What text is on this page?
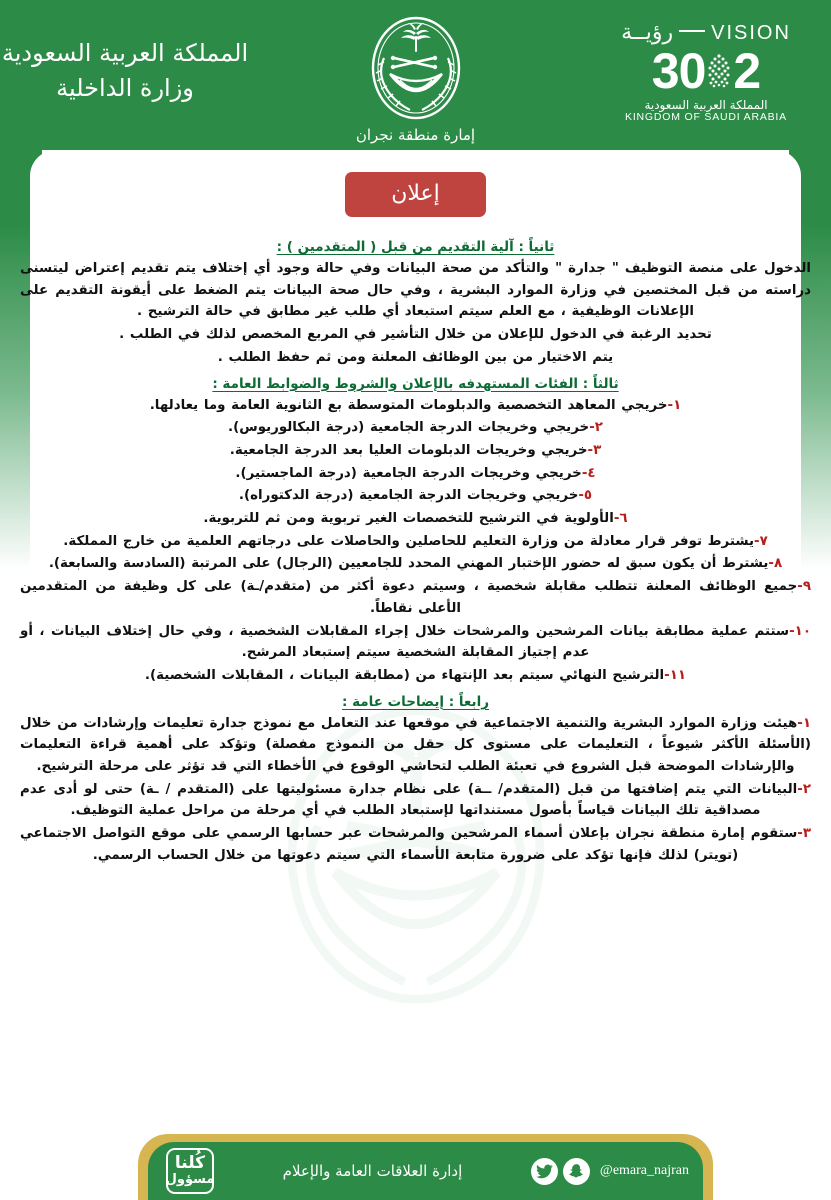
VISION
رؤيــة
2
30
المملكة العربية السعودية
KINGDOM OF SAUDI ARABIA
إمارة منطقة نجران
المملكة العربية السعودية
وزارة الداخلية
إعلان
ثانياً : آلية التقديم من قبل ( المتقدمين ) :

الدخول على منصة التوظيف " جدارة " والتأكد من صحة البيانات وفي حالة وجود أي إختلاف يتم تقديم إعتراض ليتسنى دراسته من قبل المختصين في وزارة الموارد البشرية ، وفي حال صحة البيانات يتم الضغط على أيقونة التقديم على الإعلانات الوظيفية ، مع العلم سيتم استبعاد أي طلب غير مطابق في حالة الترشيح .

تحديد الرغبة في الدخول للإعلان من خلال التأشير في المربع المخصص لذلك في الطلب .

يتم الاختيار من بين الوظائف المعلنة ومن ثم حفظ الطلب .

ثالثاً : الفئات المستهدفه بالإعلان والشروط والضوابط العامة :
١-خريجي المعاهد التخصصية والدبلومات المتوسطة بع الثانوية العامة وما يعادلها.
٢-خريجي وخريجات الدرجة الجامعية (درجة البكالوريوس).
٣-خريجي وخريجات الدبلومات العليا بعد الدرجة الجامعية.
٤-خريجي وخريجات الدرجة الجامعية (درجة الماجستير).
٥-خريجي وخريجات الدرجة الجامعية (درجة الدكتوراه).
٦-الأولوية في الترشيح للتخصصات الغير تربوية ومن ثم للتربوية.
٧-يشترط توفر قرار معادلة من وزارة التعليم للحاصلين والحاصلات على درجاتهم العلمية من خارج المملكة.
٨-يشترط أن يكون سبق له حضور الإختبار المهني المحدد للجامعيين (الرجال) على المرتبة (السادسة والسابعة).
٩-جميع الوظائف المعلنة تتطلب مقابلة شخصية ، وسيتم دعوة أكثر من (متقدم/ـة) على كل وظيفة من المتقدمين الأعلى نقاطاً.
١٠-ستتم عملية مطابقة بيانات المرشحين والمرشحات خلال إجراء المقابلات الشخصية ، وفي حال إختلاف البيانات ، أو عدم إجتياز المقابلة الشخصية سيتم إستبعاد المرشح.
١١-الترشيح النهائي سيتم بعد الإنتهاء من (مطابقة البيانات ، المقابلات الشخصية).
رابعاً : إيضاحات عامة :
١-هيئت وزارة الموارد البشرية والتنمية الاجتماعية في موقعها عند التعامل مع نموذج جدارة تعليمات وإرشادات من خلال (الأسئلة الأكثر شيوعاً ، التعليمات على مستوى كل حقل من النموذج مفصلة) وتؤكد على أهمية قراءة التعليمات والإرشادات الموضحة قبل الشروع في تعبئة الطلب لتحاشي الوقوع في الأخطاء التي قد تؤثر على مرحلة الترشيح.
٢-البيانات التي يتم إضافتها من قبل (المتقدم/ ــة) على نظام جدارة مسئوليتها على (المتقدم / ـة) حتى لو أدى عدم مصداقية تلك البيانات قياساً بأصول مستنداتها لإستبعاد الطلب في أي مرحلة من مراحل عملية التوظيف.
٣-ستقوم إمارة منطقة نجران بإعلان أسماء المرشحين والمرشحات عبر حسابها الرسمي على موقع التواصل الاجتماعي (تويتر) لذلك فإنها تؤكد على ضرورة متابعة الأسماء التي سيتم دعوتها من خلال الحساب الرسمي.
@emara_najran
إدارة العلاقات العامة والإعلام
كُلنا
مسؤول
